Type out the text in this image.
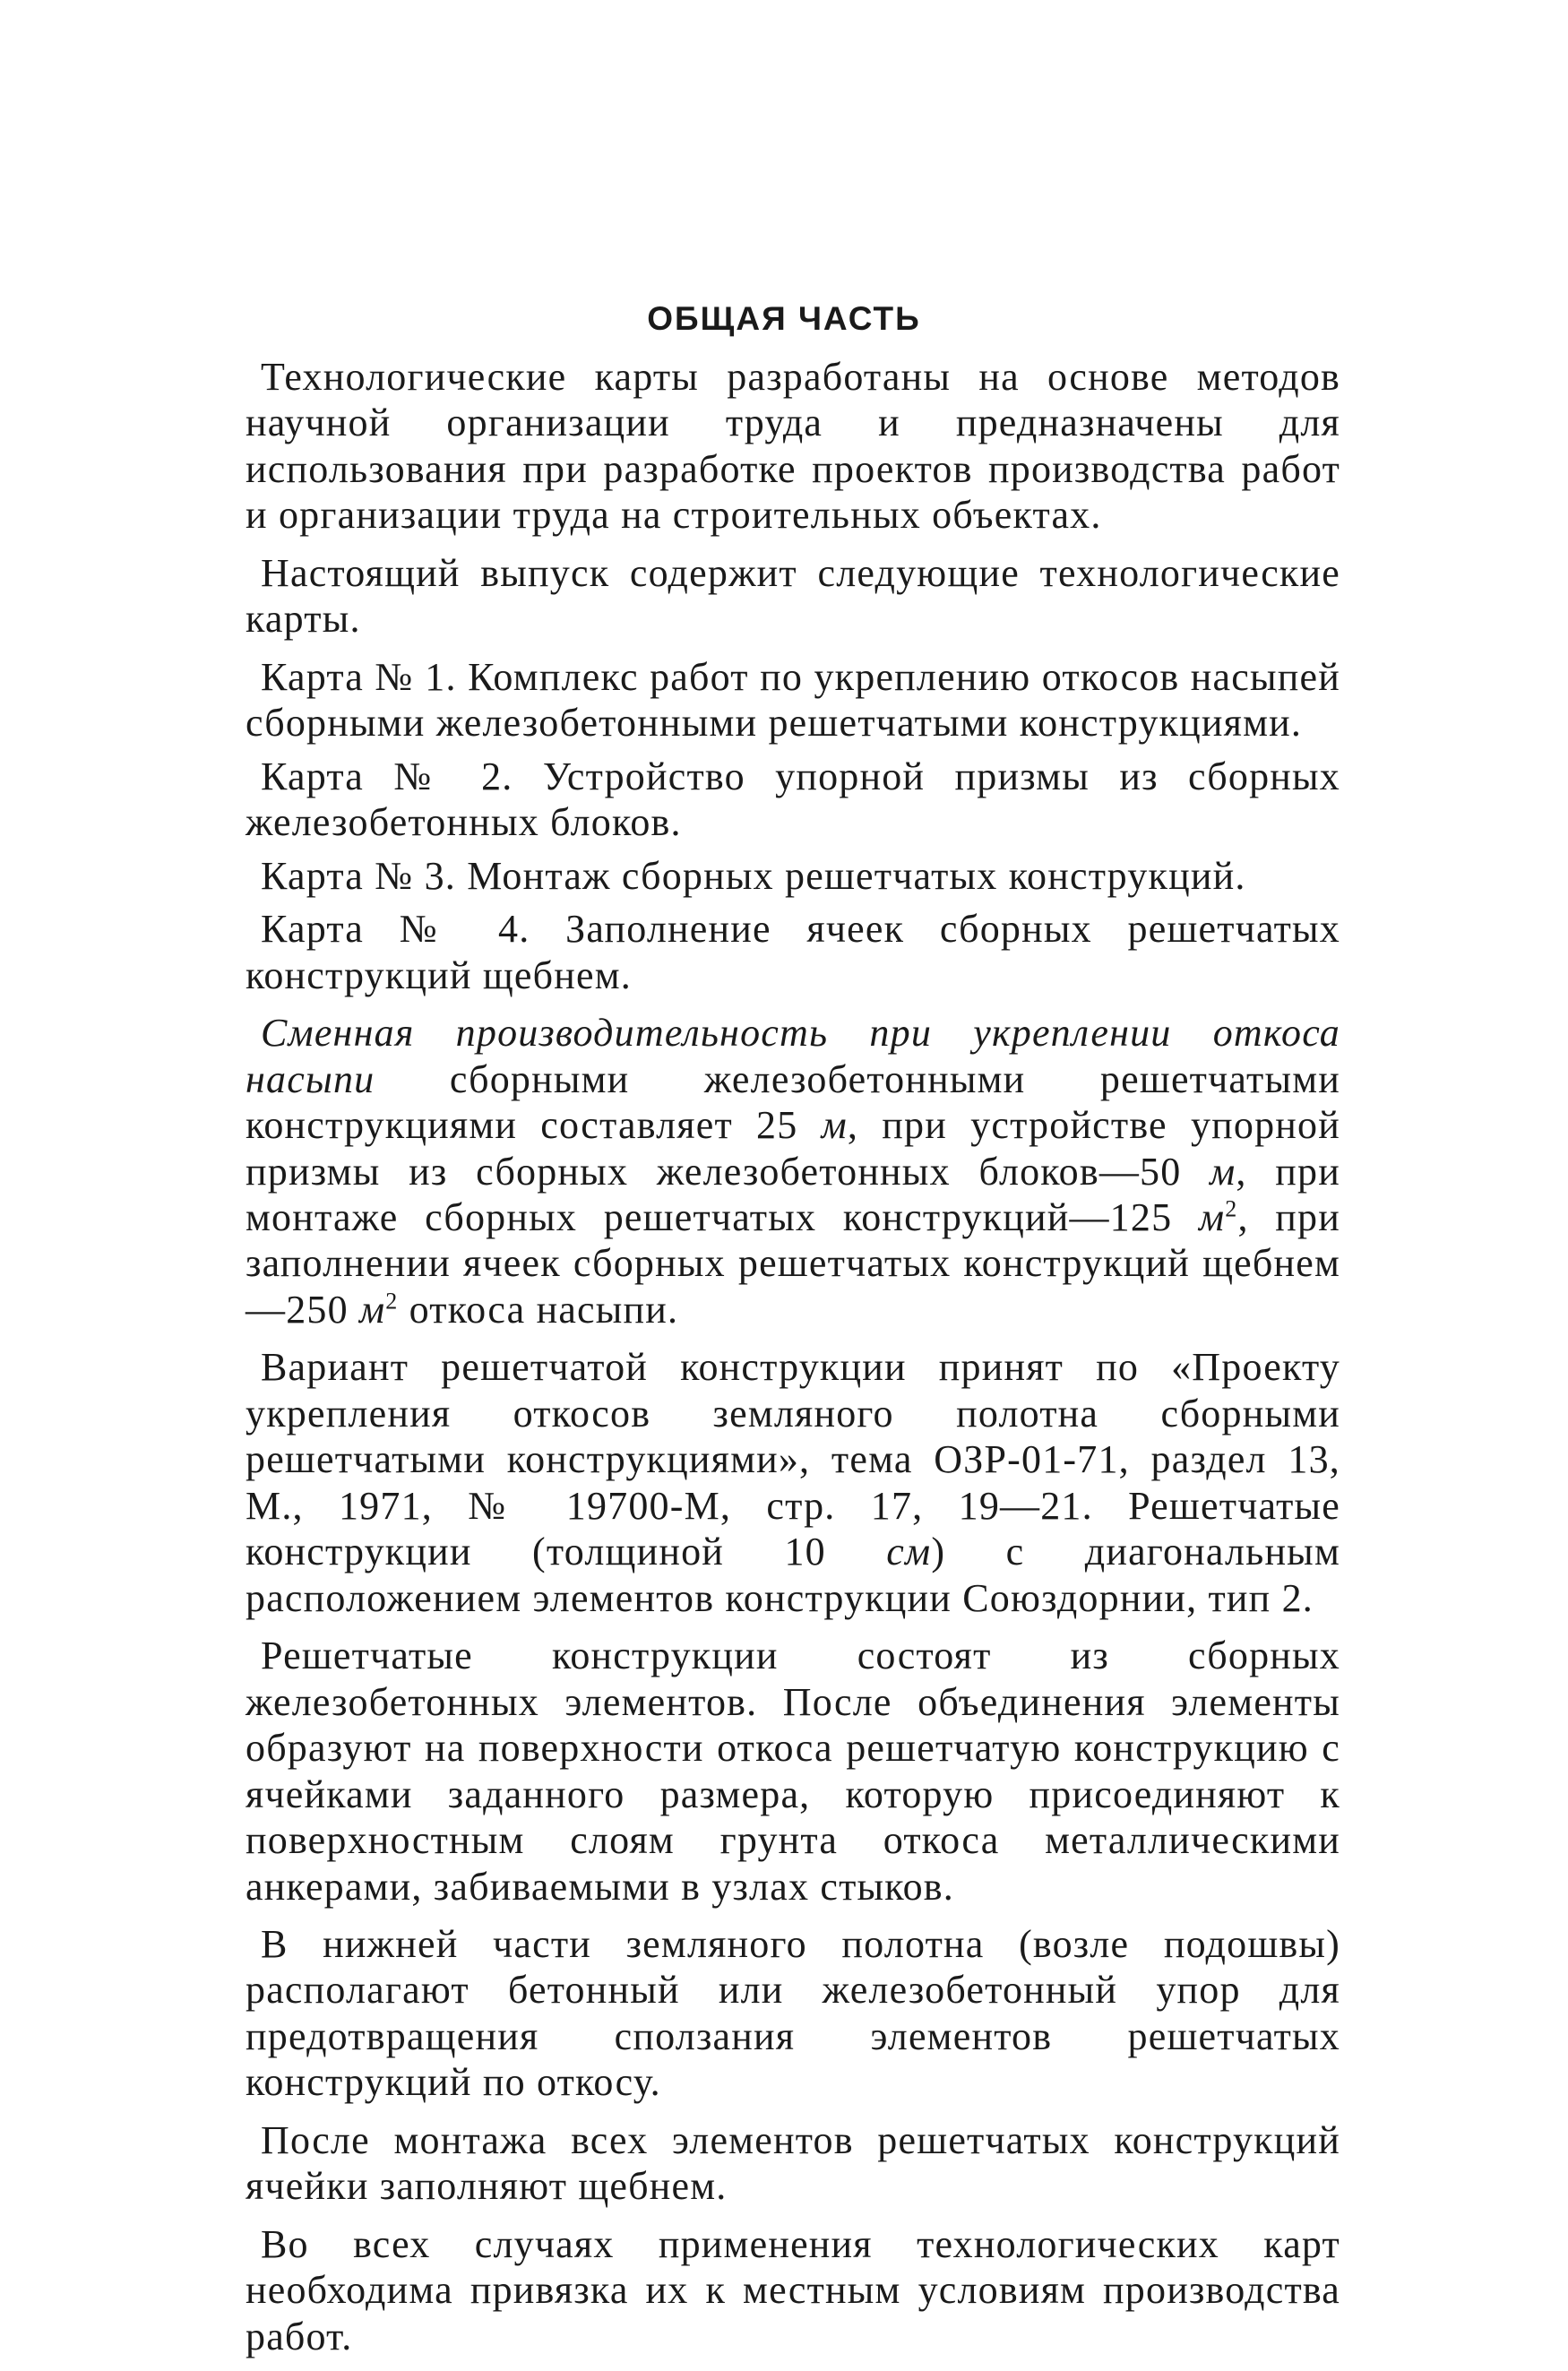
ОБЩАЯ ЧАСТЬ

Технологические карты разработаны на основе методов научной организации труда и предназначены для использования при разработке проектов производства работ и организации труда на строительных объектах.

Настоящий выпуск содержит следующие технологические карты.

Карта № 1. Комплекс работ по укреплению откосов насыпей сборными железобетонными решетчатыми конструкциями.

Карта № 2. Устройство упорной призмы из сборных железобетонных блоков.

Карта № 3. Монтаж сборных решетчатых конструкций.

Карта № 4. Заполнение ячеек сборных решетчатых конструкций щебнем.

Сменная производительность при укреплении откоса насыпи сборными железобетонными решетчатыми конструкциями составляет 25 м, при устройстве упорной призмы из сборных железобетонных блоков—50 м, при монтаже сборных решетчатых конструкций—125 $м^2$, при заполнении ячеек сборных решетчатых конструкций щебнем—250 $м^2$ откоса насыпи.

Вариант решетчатой конструкции принят по «Проекту укрепления откосов земляного полотна сборными решетчатыми конструкциями», тема ОЗР-01-71, раздел 13, М., 1971, № 19700-М, стр. 17, 19—21. Решетчатые конструкции (толщиной 10 см) с диагональным расположением элементов конструкции Союздорнии, тип 2.

Решетчатые конструкции состоят из сборных железобетонных элементов. После объединения элементы образуют на поверхности откоса решетчатую конструкцию с ячейками заданного размера, которую присоединяют к поверхностным слоям грунта откоса металлическими анкерами, забиваемыми в узлах стыков.

В нижней части земляного полотна (возле подошвы) располагают бетонный или железобетонный упор для предотвращения сползания элементов решетчатых конструкций по откосу.

После монтажа всех элементов решетчатых конструкций ячейки заполняют щебнем.

Во всех случаях применения технологических карт необходима привязка их к местным условиям производства работ.
